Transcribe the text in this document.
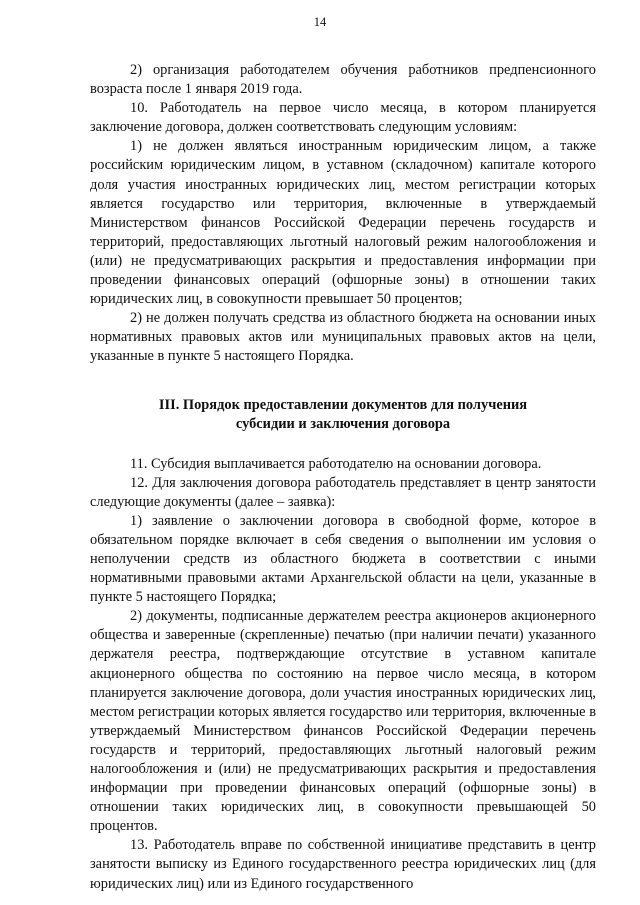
14

2) организация работодателем обучения работников предпенсионного возраста после 1 января 2019 года.

10. Работодатель на первое число месяца, в котором планируется заключение договора, должен соответствовать следующим условиям:

1) не должен являться иностранным юридическим лицом, а также российским юридическим лицом, в уставном (складочном) капитале которого доля участия иностранных юридических лиц, местом регистрации которых является государство или территория, включенные в утверждаемый Министерством финансов Российской Федерации перечень государств и территорий, предоставляющих льготный налоговый режим налогообложения и (или) не предусматривающих раскрытия и предоставления информации при проведении финансовых операций (офшорные зоны) в отношении таких юридических лиц, в совокупности превышает 50 процентов;

2) не должен получать средства из областного бюджета на основании иных нормативных правовых актов или муниципальных правовых актов на цели, указанные в пункте 5 настоящего Порядка.

III. Порядок предоставлении документов для получения
субсидии и заключения договора

11. Субсидия выплачивается работодателю на основании договора.

12. Для заключения договора работодатель представляет в центр занятости следующие документы (далее – заявка):

1) заявление о заключении договора в свободной форме, которое в обязательном порядке включает в себя сведения о выполнении им условия о неполучении средств из областного бюджета в соответствии с иными нормативными правовыми актами Архангельской области на цели, указанные в пункте 5 настоящего Порядка;

2) документы, подписанные держателем реестра акционеров акционерного общества и заверенные (скрепленные) печатью (при наличии печати) указанного держателя реестра, подтверждающие отсутствие в уставном капитале акционерного общества по состоянию на первое число месяца, в котором планируется заключение договора, доли участия иностранных юридических лиц, местом регистрации которых является государство или территория, включенные в утверждаемый Министерством финансов Российской Федерации перечень государств и территорий, предоставляющих льготный налоговый режим налогообложения и (или) не предусматривающих раскрытия и предоставления информации при проведении финансовых операций (офшорные зоны) в отношении таких юридических лиц, в совокупности превышающей 50 процентов.

13. Работодатель вправе по собственной инициативе представить в центр занятости выписку из Единого государственного реестра юридических лиц (для юридических лиц) или из Единого государственного
